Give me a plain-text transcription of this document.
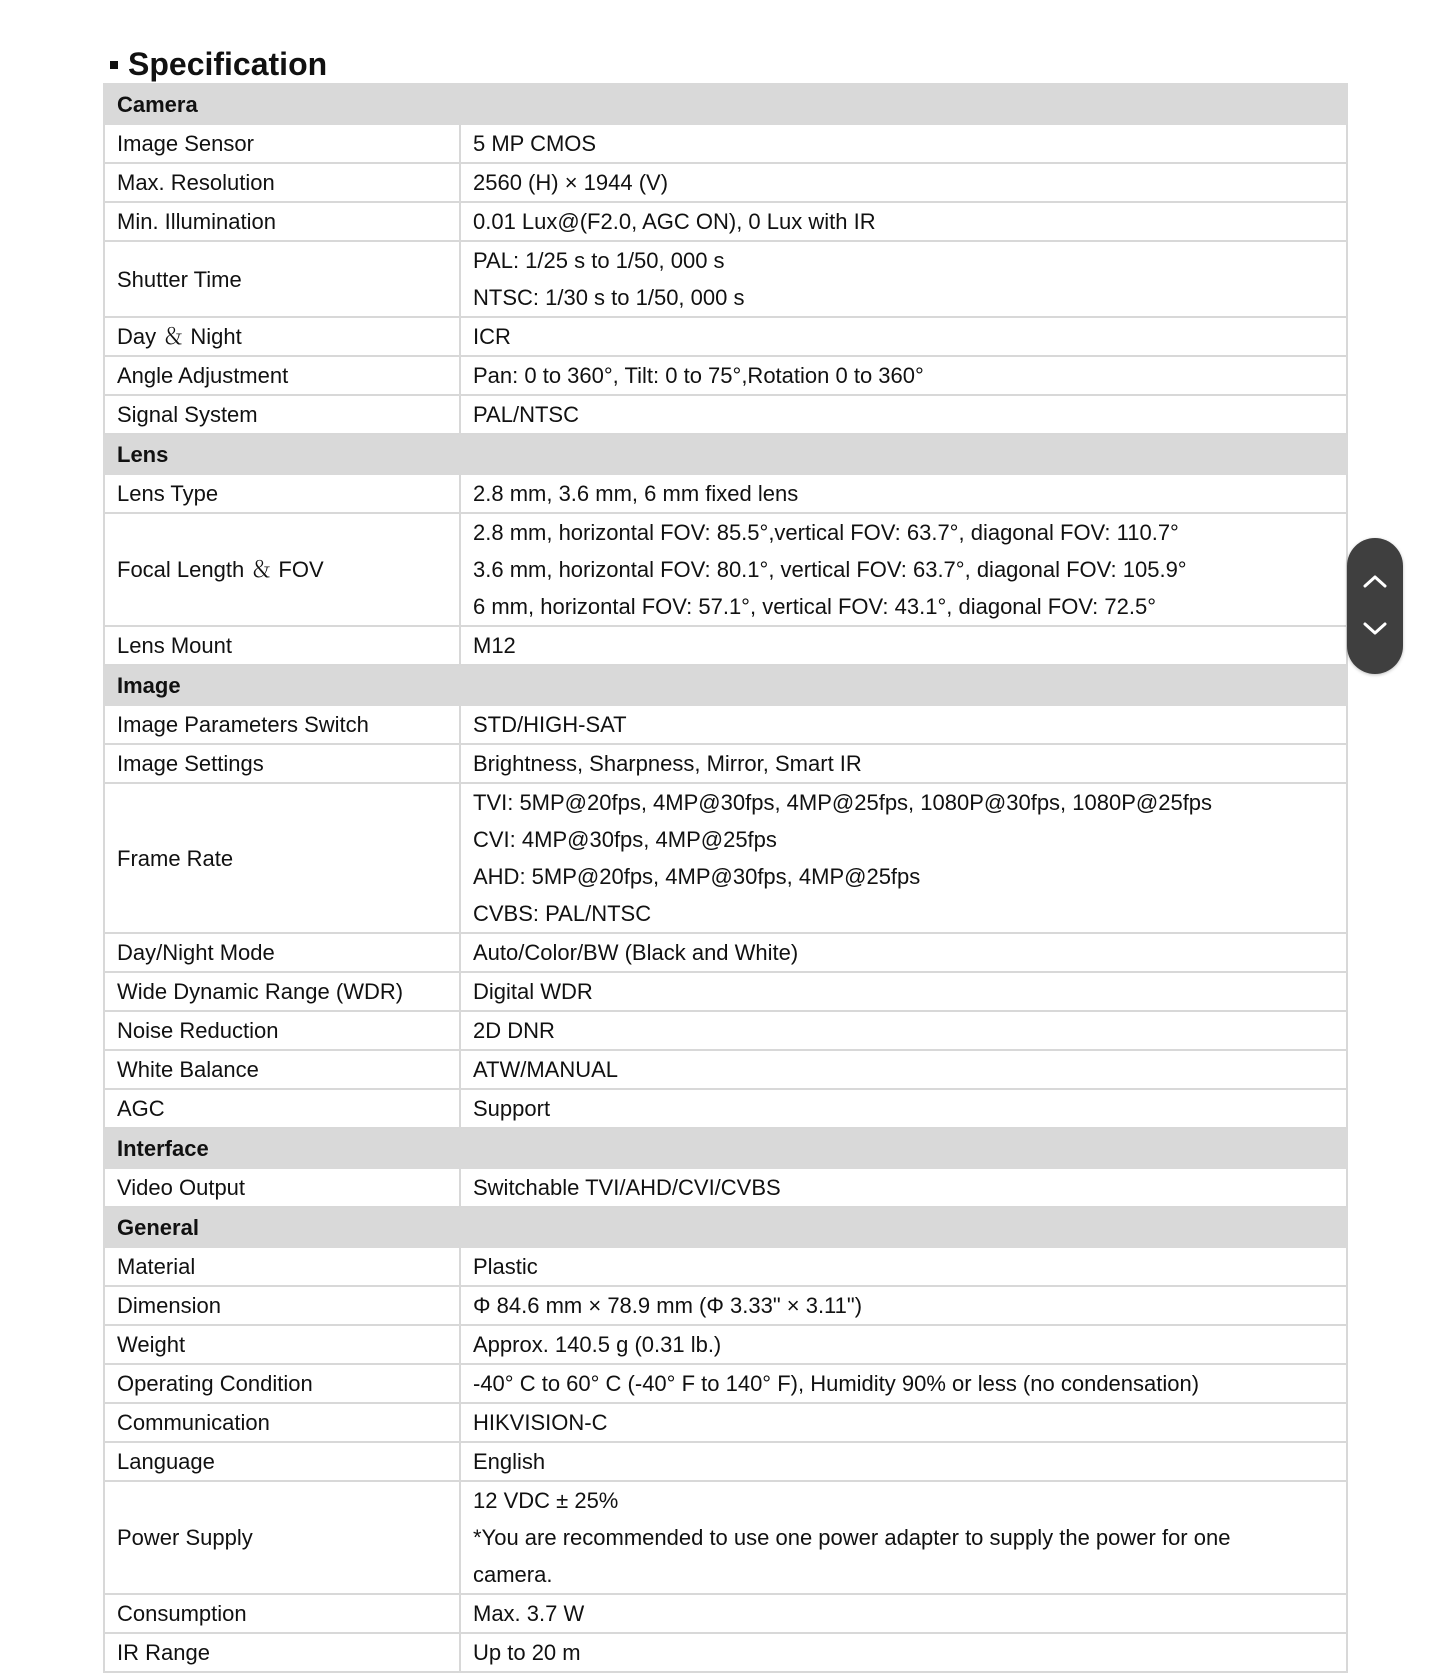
Specification
Camera	
Image Sensor	5 MP CMOS

Max. Resolution	2560 (H) × 1944 (V)

Min. Illumination	0.01 Lux@(F2.0, AGC ON), 0 Lux with IR

Shutter Time	PAL: 1/25 s to 1/50, 000 s
NTSC: 1/30 s to 1/50, 000 s

Day ＆ Night	ICR

Angle Adjustment	Pan: 0 to 360°, Tilt: 0 to 75°,Rotation 0 to 360°

Signal System	PAL/NTSC

Lens	
Lens Type	2.8 mm, 3.6 mm, 6 mm fixed lens

Focal Length ＆ FOV	2.8 mm, horizontal FOV: 85.5°,vertical FOV: 63.7°, diagonal FOV: 110.7°
3.6 mm, horizontal FOV: 80.1°, vertical FOV: 63.7°, diagonal FOV: 105.9°
6 mm, horizontal FOV: 57.1°, vertical FOV: 43.1°, diagonal FOV: 72.5°

Lens Mount	M12

Image	
Image Parameters Switch	STD/HIGH-SAT

Image Settings	Brightness, Sharpness, Mirror, Smart IR

Frame Rate	TVI: 5MP@20fps, 4MP@30fps, 4MP@25fps, 1080P@30fps, 1080P@25fps
CVI: 4MP@30fps, 4MP@25fps
AHD: 5MP@20fps, 4MP@30fps, 4MP@25fps
CVBS: PAL/NTSC

Day/Night Mode	Auto/Color/BW (Black and White)

Wide Dynamic Range (WDR)	Digital WDR

Noise Reduction	2D DNR

White Balance	ATW/MANUAL

AGC	Support

Interface	
Video Output	Switchable TVI/AHD/CVI/CVBS

General	
Material	Plastic

Dimension	Φ 84.6 mm × 78.9 mm (Φ 3.33" × 3.11")

Weight	Approx. 140.5 g (0.31 lb.)

Operating Condition	-40° C to 60° C (-40° F to 140° F), Humidity 90% or less (no condensation)

Communication	HIKVISION-C

Language	English

Power Supply	12 VDC ± 25%
*You are recommended to use one power adapter to supply the power for one
camera.

Consumption	Max. 3.7 W

IR Range	Up to 20 m
